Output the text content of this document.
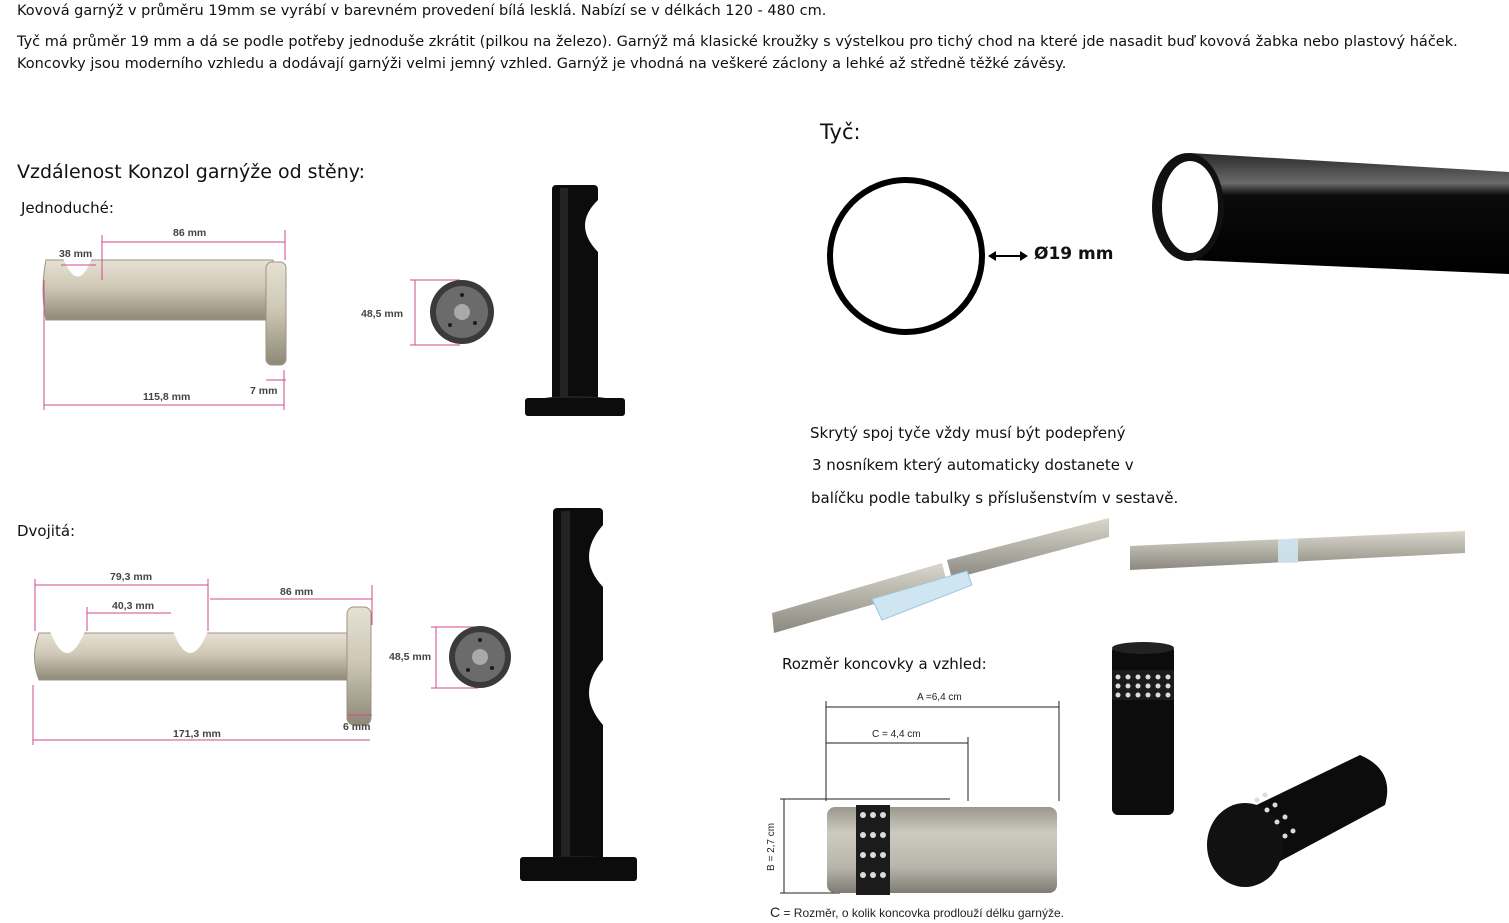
Kovová garnýž v průměru 19mm se vyrábí v barevném provedení bílá lesklá. Nabízí se v délkách 120 - 480 cm.
Tyč má průměr 19 mm a dá se podle potřeby jednoduše zkrátit (pilkou na železo). Garnýž má klasické kroužky s výstelkou pro tichý chod na které jde nasadit buď kovová žabka nebo plastový háček.
Koncovky jsou moderního vzhledu a dodávají garnýži velmi jemný vzhled. Garnýž je vhodná na veškeré záclony a lehké až středně těžké závěsy.
Vzdálenost Konzol garnýže od stěny:
Jednoduché:
Dvojitá:
86 mm
38 mm
115,8 mm	7 mm
48,5 mm
79,3 mm
40,3 mm
86 mm
171,3 mm
6 mm
48,5 mm
Tyč:
Ø19 mm
Skrytý spoj tyče vždy musí být podepřený
3 nosníkem který automaticky dostanete v
balíčku podle tabulky s příslušenstvím v sestavě.
Rozměr koncovky a vzhled:
A =6,4 cm
C = 4,4 cm
B = 2,7 cm
C = Rozměr, o kolik koncovka prodlouží délku garnýže.
